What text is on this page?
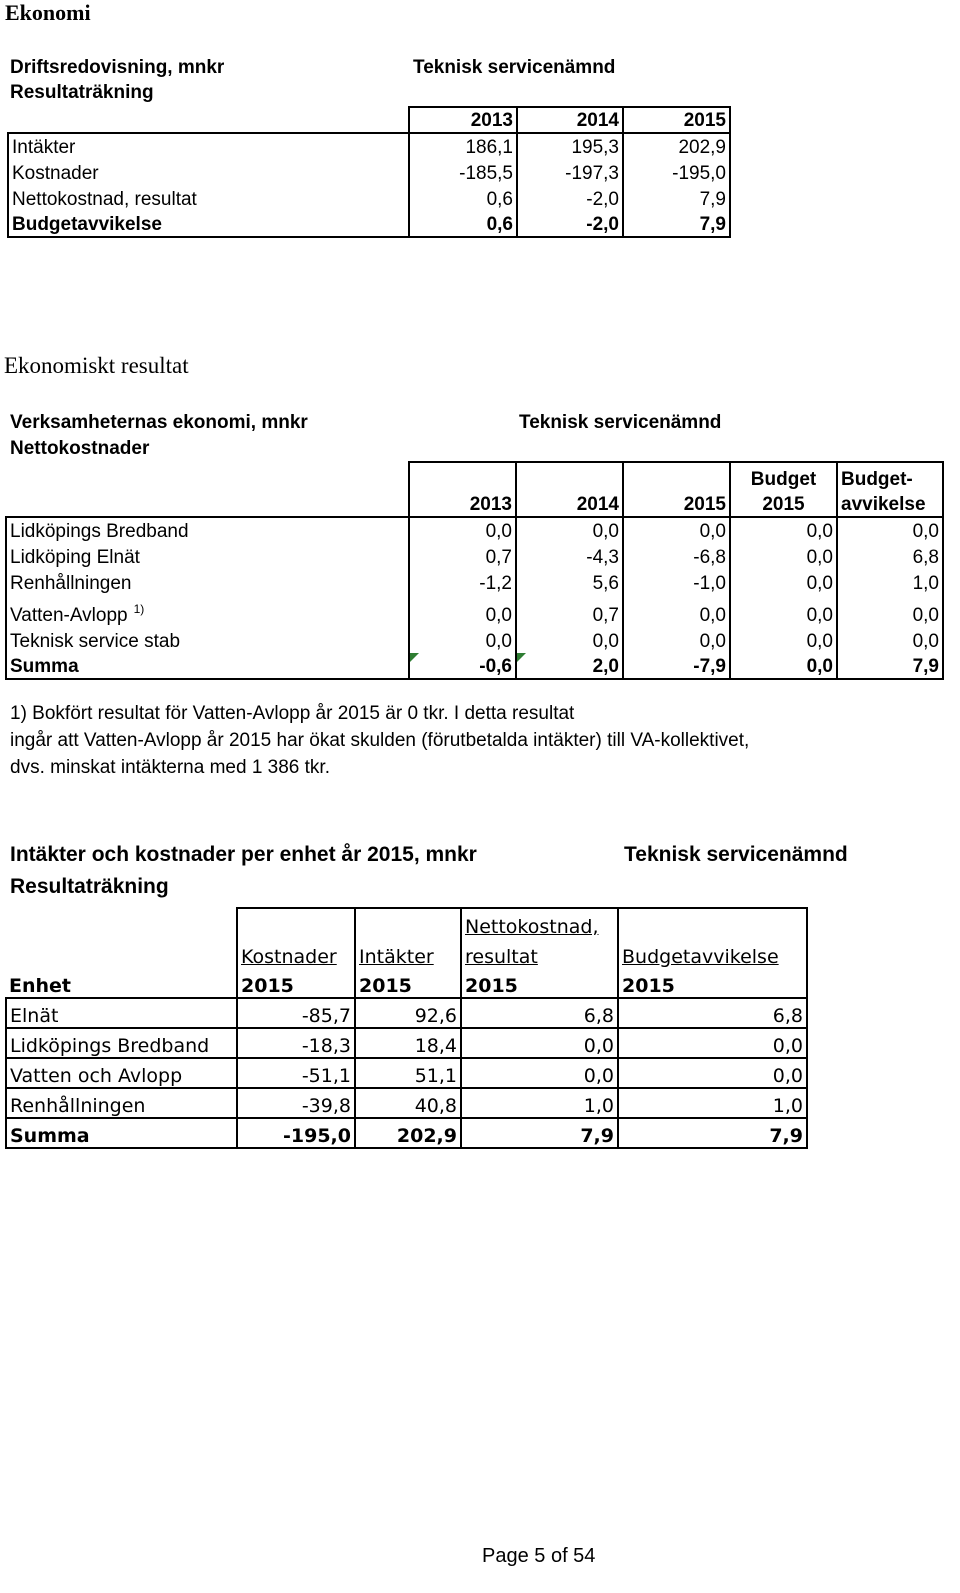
Ekonomi
Driftsredovisning, mnkr
Resultaträkning
Teknisk servicenämnd
	2013	2014	2015
Intäkter	186,1	195,3	202,9
Kostnader	-185,5	-197,3	-195,0
Nettokostnad, resultat	0,6	-2,0	7,9
Budgetavvikelse	0,6	-2,0	7,9
Ekonomiskt resultat
Verksamheternas ekonomi, mnkr
Nettokostnader
Teknisk servicenämnd
				Budget	Budget-
	2013	2014	2015	2015	avvikelse
Lidköpings Bredband	0,0	0,0	0,0	0,0	0,0
Lidköping Elnät	0,7	-4,3	-6,8	0,0	6,8
Renhållningen	-1,2	5,6	-1,0	0,0	1,0
Vatten-Avlopp $^{1)}$	0,0	0,7	0,0	0,0	0,0
Teknisk service stab	0,0	0,0	0,0	0,0	0,0
Summa	-0,6	2,0	-7,9	0,0	7,9
1) Bokfört resultat för Vatten-Avlopp år 2015 är 0 tkr. I detta resultat
ingår att Vatten-Avlopp år 2015 har ökat skulden (förutbetalda intäkter) till VA-kollektivet,
dvs. minskat intäkterna med 1 386 tkr.
Intäkter och kostnader per enhet år 2015, mnkr
Resultaträkning
Teknisk servicenämnd
			Nettokostnad,	
	Kostnader	Intäkter	resultat	Budgetavvikelse
Enhet	2015	2015	2015	2015
Elnät	-85,7	92,6	6,8	6,8
Lidköpings Bredband	-18,3	18,4	0,0	0,0
Vatten och Avlopp	-51,1	51,1	0,0	0,0
Renhållningen	-39,8	40,8	1,0	1,0
Summa	-195,0	202,9	7,9	7,9
Page 5 of 54
